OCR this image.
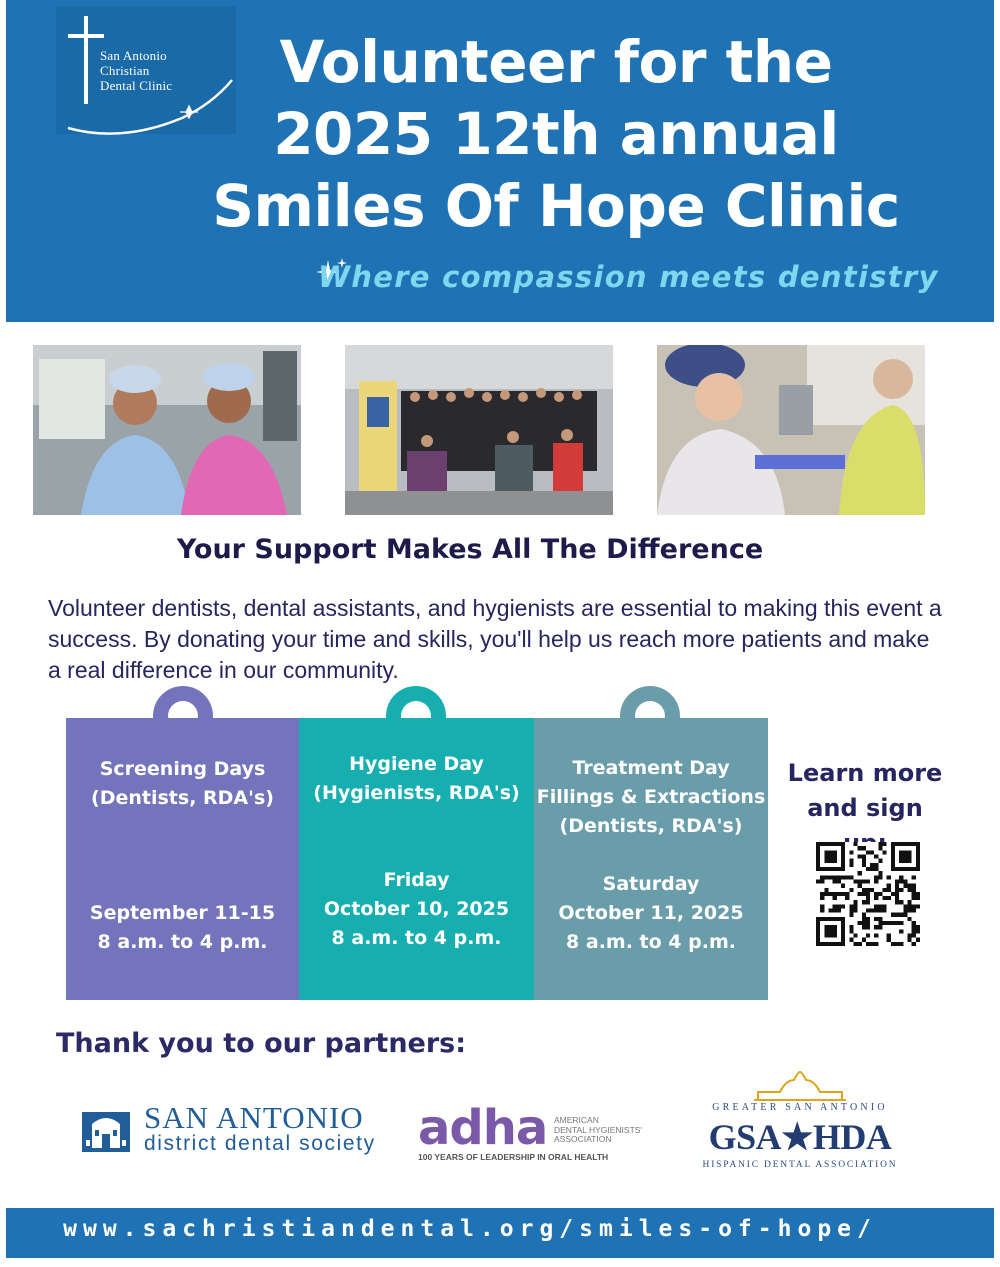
San Antonio
Christian
Dental Clinic	Volunteer for the
2025 12th annual
Smiles Of Hope Clinic
Where compassion meets dentistry
Your Support Makes All The Difference
Volunteer dentists, dental assistants, and hygienists are essential to making this event a success. By donating your time and skills, you'll help us reach more patients and make a real difference in our community.
Screening Days
(Dentists, RDA's)
September 11-15
8 a.m. to 4 p.m.
Hygiene Day
(Hygienists, RDA's)
Friday
October 10, 2025
8 a.m. to 4 p.m.
Treatment Day
Fillings & Extractions
(Dentists, RDA's)
Saturday
October 11, 2025
8 a.m. to 4 p.m.
Learn more
and sign
Thank you to our partners:
SAN ANTONIO
district dental society adha AMERICAN
DENTAL HYGIENISTS'
ASSOCIATION
100 YEARS OF LEADERSHIP IN ORAL HEALTH
GREATER SAN ANTONIO
GSA★HDA
HISPANIC DENTAL ASSOCIATION
www.sachristiandental.org/smiles-of-hope/
